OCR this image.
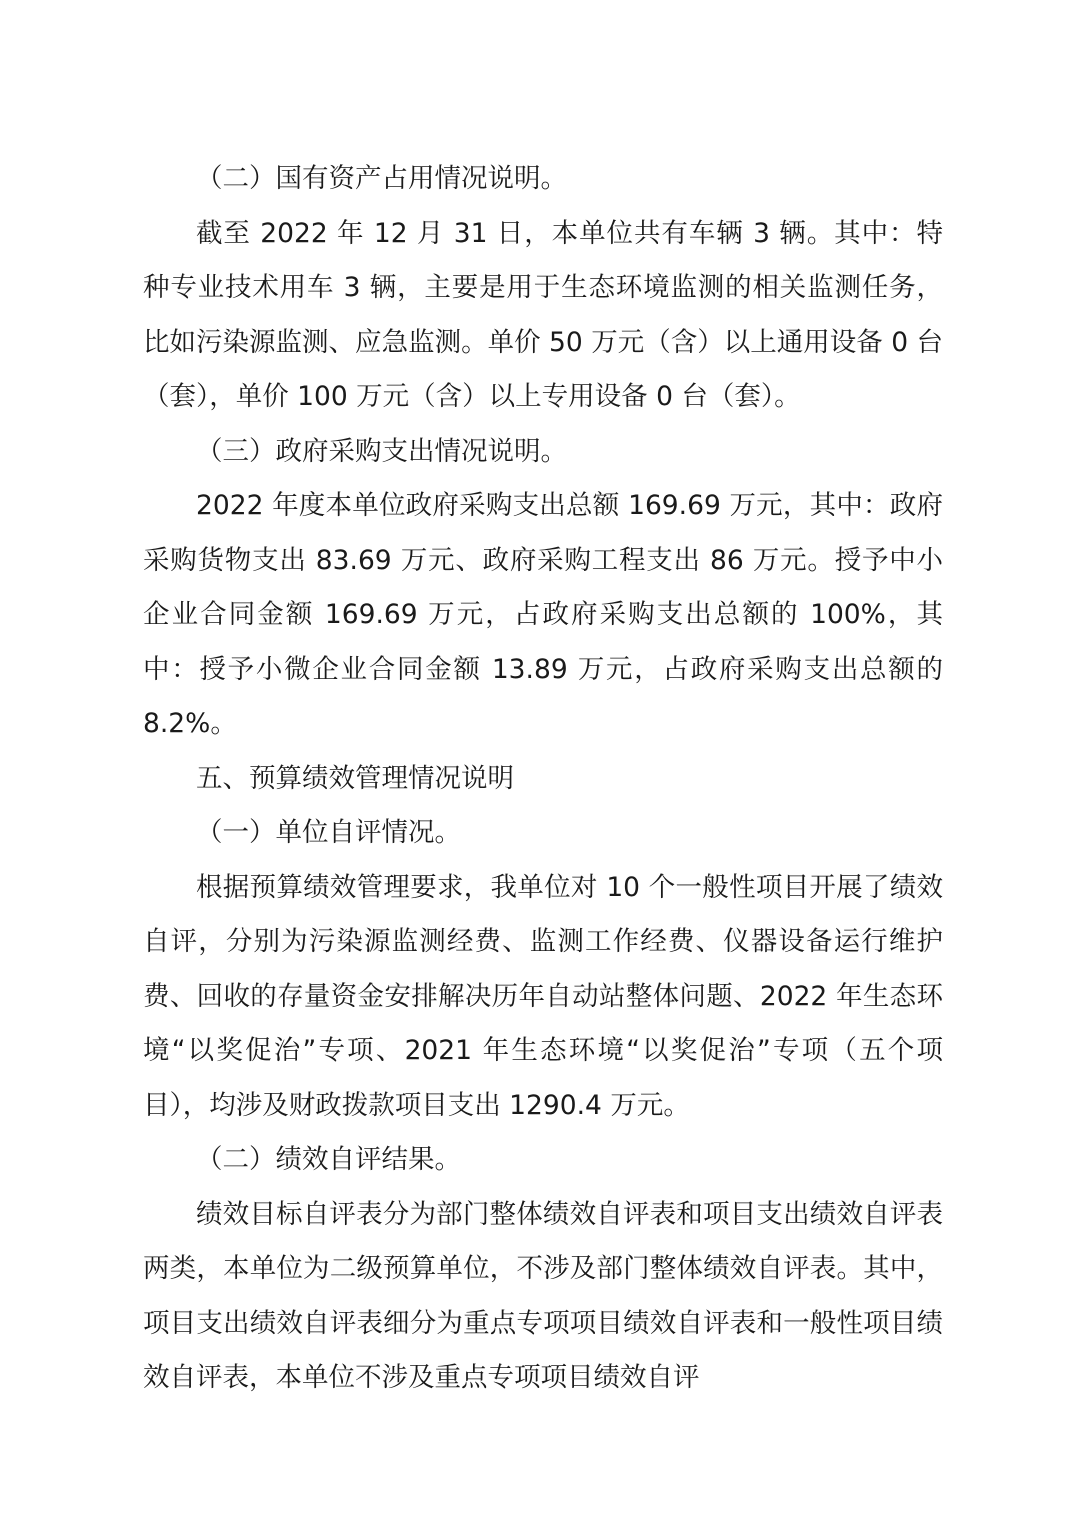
（二）国有资产占用情况说明。

截至 2022 年 12 月 31 日，本单位共有车辆 3 辆。其中：特种专业技术用车 3 辆，主要是用于生态环境监测的相关监测任务，比如污染源监测、应急监测。单价 50 万元（含）以上通用设备 0 台（套），单价 100 万元（含）以上专用设备 0 台（套）。

（三）政府采购支出情况说明。

2022 年度本单位政府采购支出总额 169.69 万元，其中：政府采购货物支出 83.69 万元、政府采购工程支出 86 万元。授予中小企业合同金额 169.69 万元，占政府采购支出总额的 100%，其中：授予小微企业合同金额 13.89 万元，占政府采购支出总额的 8.2%。

五、预算绩效管理情况说明

（一）单位自评情况。

根据预算绩效管理要求，我单位对 10 个一般性项目开展了绩效自评，分别为污染源监测经费、监测工作经费、仪器设备运行维护费、回收的存量资金安排解决历年自动站整体问题、2022 年生态环境“以奖促治”专项、2021 年生态环境“以奖促治”专项（五个项目），均涉及财政拨款项目支出 1290.4 万元。

（二）绩效自评结果。

绩效目标自评表分为部门整体绩效自评表和项目支出绩效自评表两类，本单位为二级预算单位，不涉及部门整体绩效自评表。其中，项目支出绩效自评表细分为重点专项项目绩效自评表和一般性项目绩效自评表，本单位不涉及重点专项项目绩效自评
